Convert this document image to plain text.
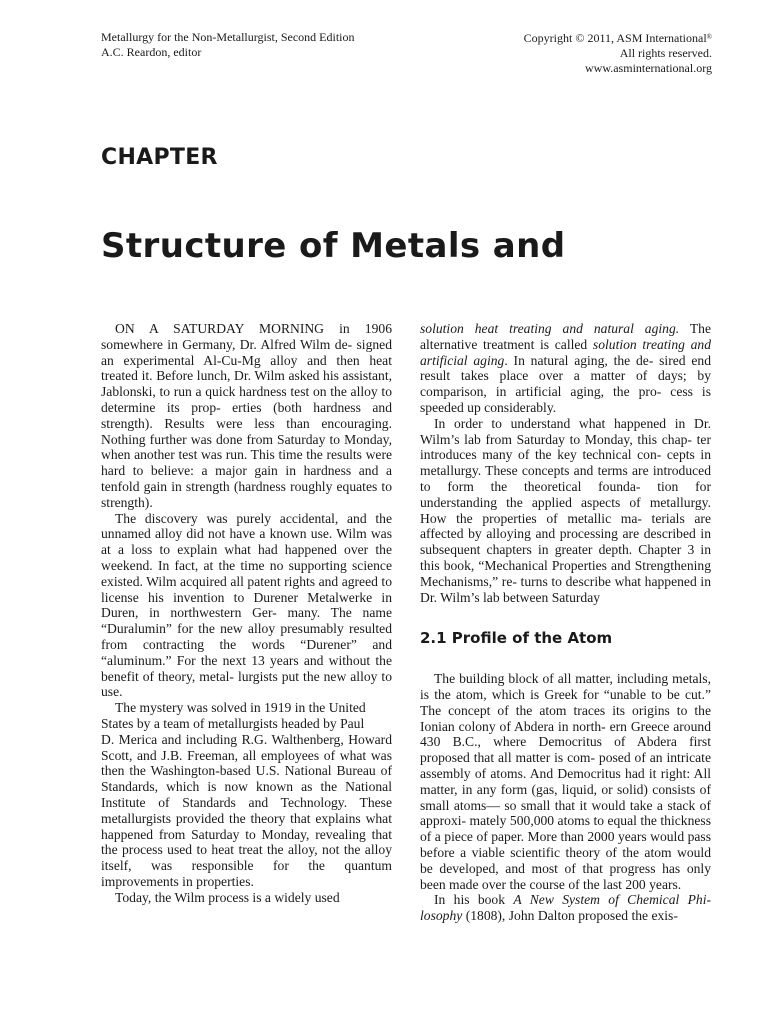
Metallurgy for the Non-Metallurgist, Second Edition
A.C. Reardon, editor
Copyright © 2011, ASM International®
All rights reserved.
www.asminternational.org
CHAPTER
Structure of Metals and

ON A SATURDAY MORNING in 1906 somewhere in Germany, Dr. Alfred Wilm de- signed an experimental Al-Cu-Mg alloy and then heat treated it. Before lunch, Dr. Wilm asked his assistant, Jablonski, to run a quick hardness test on the alloy to determine its prop- erties (both hardness and strength). Results were less than encouraging. Nothing further was done from Saturday to Monday, when another test was run. This time the results were hard to believe: a major gain in hardness and a tenfold gain in strength (hardness roughly equates to strength).

The discovery was purely accidental, and the unnamed alloy did not have a known use. Wilm was at a loss to explain what had happened over the weekend. In fact, at the time no supporting science existed. Wilm acquired all patent rights and agreed to license his invention to Durener Metalwerke in Duren, in northwestern Ger- many. The name “Duralumin” for the new alloy presumably resulted from contracting the words “Durener” and “aluminum.” For the next 13 years and without the benefit of theory, metal- lurgists put the new alloy to use.

The mystery was solved in 1919 in the United States by a team of metallurgists headed by Paul

D. Merica and including R.G. Walthenberg, Howard Scott, and J.B. Freeman, all employees of what was then the Washington-based U.S. National Bureau of Standards, which is now known as the National Institute of Standards and Technology. These metallurgists provided the theory that explains what happened from Saturday to Monday, revealing that the process used to heat treat the alloy, not the alloy itself, was responsible for the quantum improvements in properties.

Today, the Wilm process is a widely used

solution heat treating and natural aging. The alternative treatment is called solution treating and artificial aging. In natural aging, the de- sired end result takes place over a matter of days; by comparison, in artificial aging, the pro- cess is speeded up considerably.

In order to understand what happened in Dr. Wilm’s lab from Saturday to Monday, this chap- ter introduces many of the key technical con- cepts in metallurgy. These concepts and terms are introduced to form the theoretical founda- tion for understanding the applied aspects of metallurgy. How the properties of metallic ma- terials are affected by alloying and processing are described in subsequent chapters in greater depth. Chapter 3 in this book, “Mechanical Properties and Strengthening Mechanisms,” re- turns to describe what happened in Dr. Wilm’s lab between Saturday

2.1 Profile of the Atom

The building block of all matter, including metals, is the atom, which is Greek for “unable to be cut.” The concept of the atom traces its origins to the Ionian colony of Abdera in north- ern Greece around 430 B.C., where Democritus of Abdera first proposed that all matter is com- posed of an intricate assembly of atoms. And Democritus had it right: All matter, in any form (gas, liquid, or solid) consists of small atoms— so small that it would take a stack of approxi- mately 500,000 atoms to equal the thickness of a piece of paper. More than 2000 years would pass before a viable scientific theory of the atom would be developed, and most of that progress has only been made over the course of the last 200 years.

In his book A New System of Chemical Phi- losophy (1808), John Dalton proposed the exis-
